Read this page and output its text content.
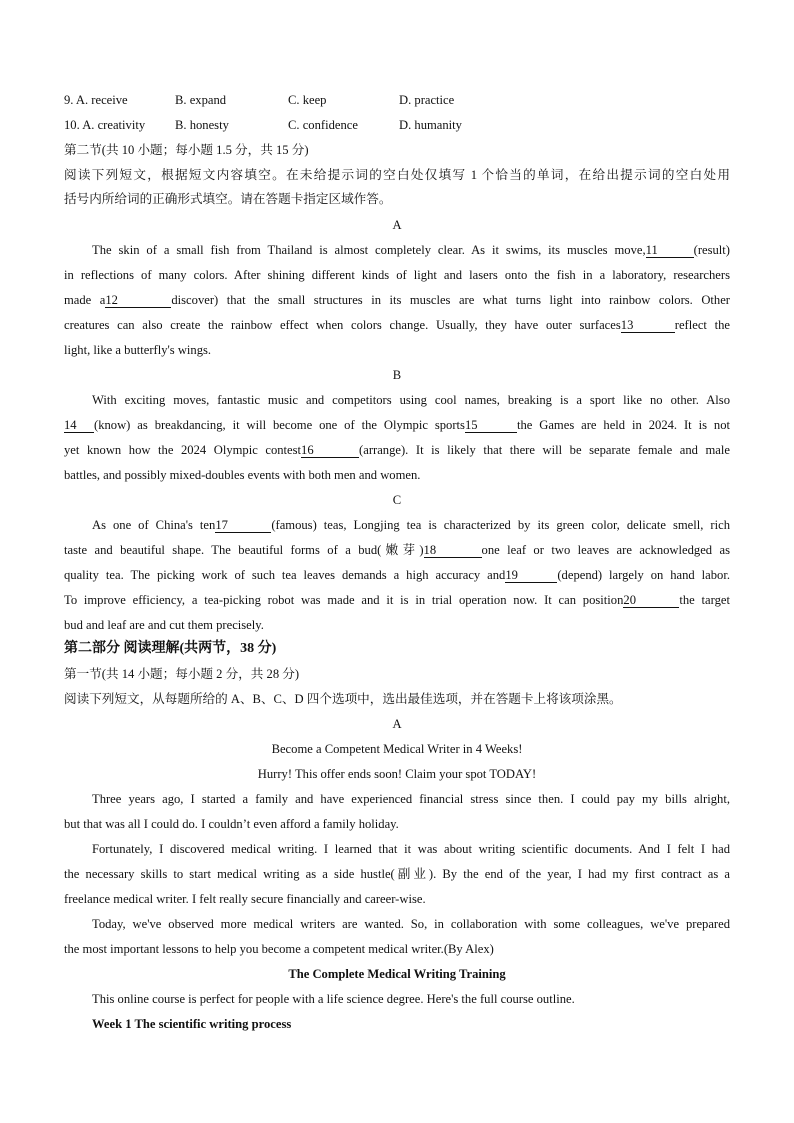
9. A. receive	B. expand	C. keep	D. practice
10. A. creativity B. honesty	C. confidence	D. humanity
第二节(共 10 小题；每小题 1.5 分，共 15 分)
阅读下列短文，根据短文内容填空。在未给提示词的空白处仅填写 1 个恰当的单词，在给出提示词的空白处用
括号内所给词的正确形式填空。请在答题卡指定区域作答。
A
The skin of a small fish from Thailand is almost completely clear. As it swims, its muscles move,11	(result)
in reflections of many colors. After shining different kinds of light and lasers onto the fish in a laboratory, researchers
made a12	discover) that the small structures in its muscles are what turns light into rainbow colors. Other
creatures can also create the rainbow effect when colors change. Usually, they have outer surfaces13	reflect the
light, like a butterfly's wings.
B
With exciting moves, fantastic music and competitors using cool names, breaking is a sport like no other. Also
14 (know) as breakdancing, it will become one of the Olympic sports15	the Games are held in 2024. It is not
yet known how the 2024 Olympic contest16	(arrange). It is likely that there will be separate female and male
battles, and possibly mixed-doubles events with both men and women.
C
As one of China's ten17	(famous) teas, Longjing tea is characterized by its green color, delicate smell, rich
taste and beautiful shape. The beautiful forms of a bud(嫩芽)18	one leaf or two leaves are acknowledged as
quality tea. The picking work of such tea leaves demands a high accuracy and19	(depend) largely on hand labor.
To improve efficiency, a tea-picking robot was made and it is in trial operation now. It can position20	the target
bud and leaf are and cut them precisely.
第二部分 阅读理解(共两节，38 分)
第一节(共 14 小题；每小题 2 分，共 28 分)
阅读下列短文，从每题所给的 A、B、C、D 四个选项中，选出最佳选项，并在答题卡上将该项涂黑。
A
Become a Competent Medical Writer in 4 Weeks!
Hurry! This offer ends soon! Claim your spot TODAY!
Three years ago, I started a family and have experienced financial stress since then. I could pay my bills alright,
but that was all I could do. I couldn’t even afford a family holiday.
Fortunately, I discovered medical writing. I learned that it was about writing scientific documents. And I felt I had
the necessary skills to start medical writing as a side hustle(副业). By the end of the year, I had my first contract as a
freelance medical writer. I felt really secure financially and career-wise.
Today, we've observed more medical writers are wanted. So, in collaboration with some colleagues, we've prepared
the most important lessons to help you become a competent medical writer.(By Alex)
The Complete Medical Writing Training
This online course is perfect for people with a life science degree. Here's the full course outline.
Week 1 The scientific writing process
